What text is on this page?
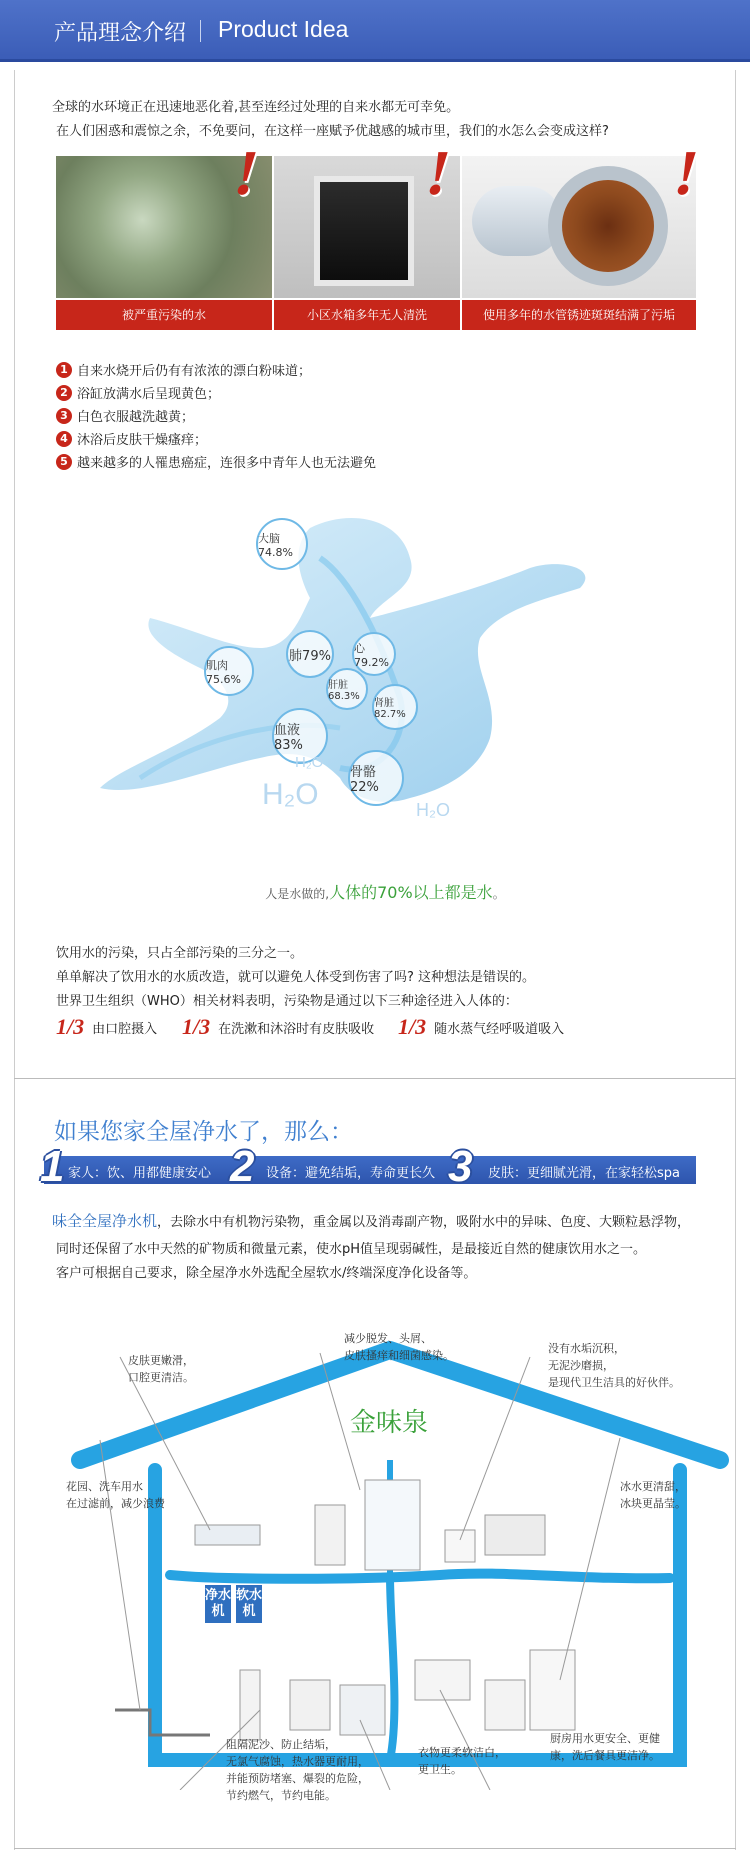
产品理念介绍 Product Idea
全球的水环境正在迅速地恶化着,甚至连经过处理的自来水都无可幸免。
在人们困惑和震惊之余，不免要问，在这样一座赋予优越感的城市里，我们的水怎么会变成这样?
被严重污染的水	小区水箱多年无人清洗	使用多年的水管锈迹斑斑结满了污垢
! !	!
1 自来水烧开后仍有有浓浓的漂白粉味道；
2 浴缸放满水后呈现黄色；
3 白色衣服越洗越黄；
4 沐浴后皮肤干燥瘙痒；
5 越来越多的人罹患癌症，连很多中青年人也无法避免
大脑74.8%
肌肉75.6%
肺79%
心79.2%
肝脏68.3%
肾脏82.7%
血液83%
骨骼22%
H₂O
H₂O	H₂O
人是水做的,人体的70%以上都是水。
饮用水的污染，只占全部污染的三分之一。
单单解决了饮用水的水质改造，就可以避免人体受到伤害了吗? 这种想法是错误的。
世界卫生组织（WHO）相关材料表明，污染物是通过以下三种途径进入人体的：
1/3 由口腔摄入 1/3 在洗漱和沐浴时有皮肤吸收 1/3 随水蒸气经呼吸道吸入
如果您家全屋净水了，那么：
1 家人：饮、用都健康安心 2 设备：避免结垢，寿命更长久 3 皮肤：更细腻光滑，在家轻松spa
味全全屋净水机，去除水中有机物污染物，重金属以及消毒副产物，吸附水中的异味、色度、大颗粒悬浮物，
同时还保留了水中天然的矿物质和微量元素，使水pH值呈现弱碱性，是最接近自然的健康饮用水之一。
客户可根据自己要求，除全屋净水外选配全屋软水/终端深度净化设备等。
金味泉
净水机
软水机
皮肤更嫩滑，
口腔更清洁。
减少脱发、头屑、
皮肤搔痒和细菌感染。
没有水垢沉积，
无泥沙磨损，
是现代卫生洁具的好伙伴。
花园、洗车用水
在过滤前，减少浪费
冰水更清甜，
冰块更晶莹。
阻隔泥沙、防止结垢，
无氯气腐蚀，热水器更耐用，
并能预防堵塞、爆裂的危险，
节约燃气，节约电能。
衣物更柔软洁白，
更卫生。
厨房用水更安全、更健
康，洗后餐具更洁净。
